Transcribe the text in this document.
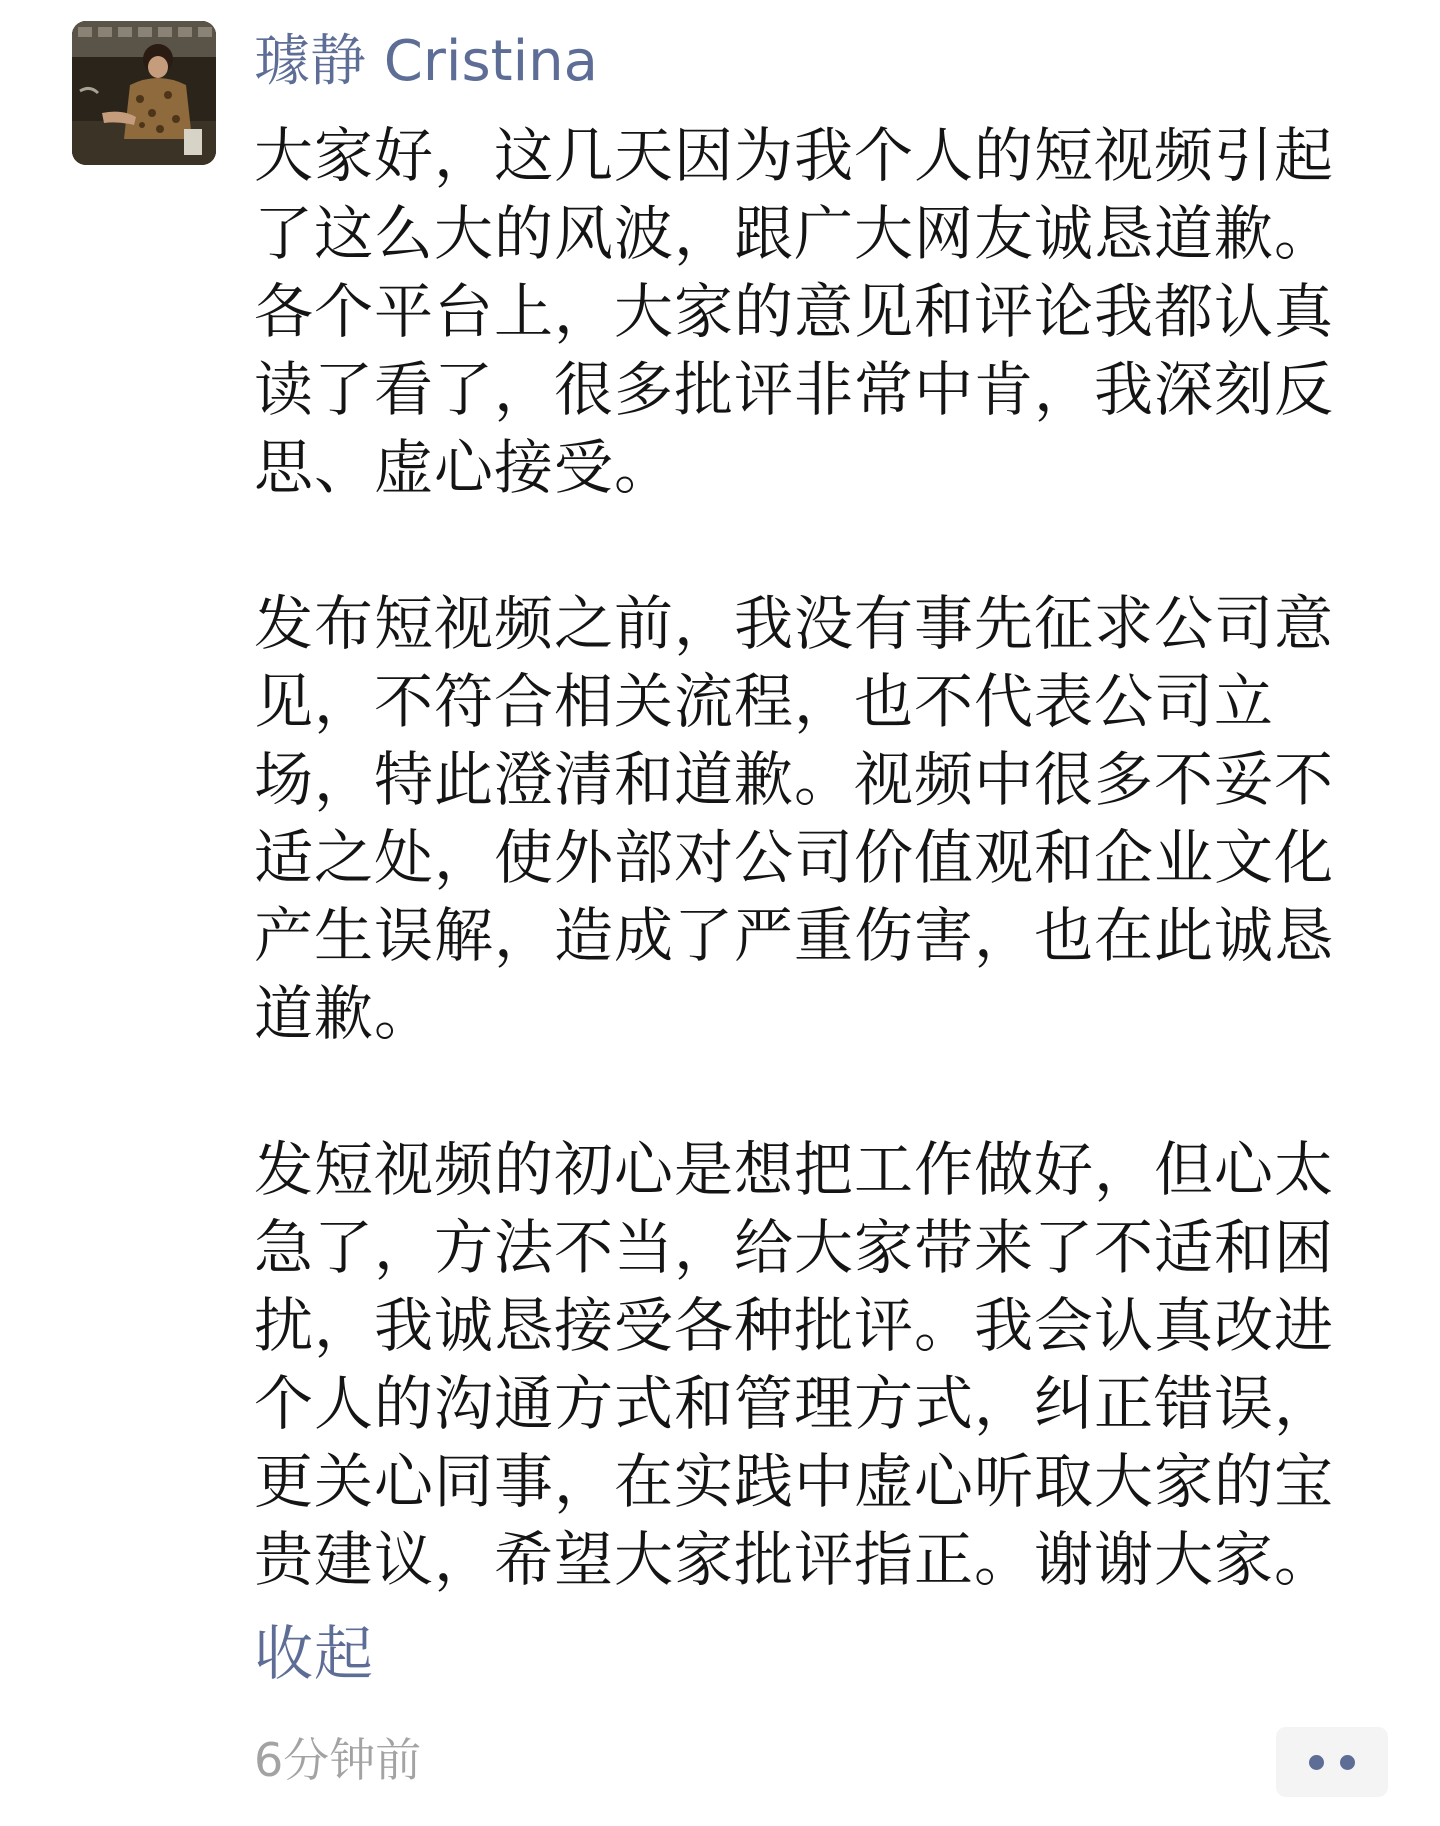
璩静 Cristina

大家好，这几天因为我个人的短视频引起
了这么大的风波，跟广大网友诚恳道歉。
各个平台上，大家的意见和评论我都认真
读了看了，很多批评非常中肯，我深刻反
思、虚心接受。

发布短视频之前，我没有事先征求公司意
见，不符合相关流程，也不代表公司立
场，特此澄清和道歉。视频中很多不妥不
适之处，使外部对公司价值观和企业文化
产生误解，造成了严重伤害，也在此诚恳
道歉。

发短视频的初心是想把工作做好，但心太
急了，方法不当，给大家带来了不适和困
扰，我诚恳接受各种批评。我会认真改进
个人的沟通方式和管理方式，纠正错误，
更关心同事，在实践中虚心听取大家的宝
贵建议，希望大家批评指正。谢谢大家。

收起
6分钟前
